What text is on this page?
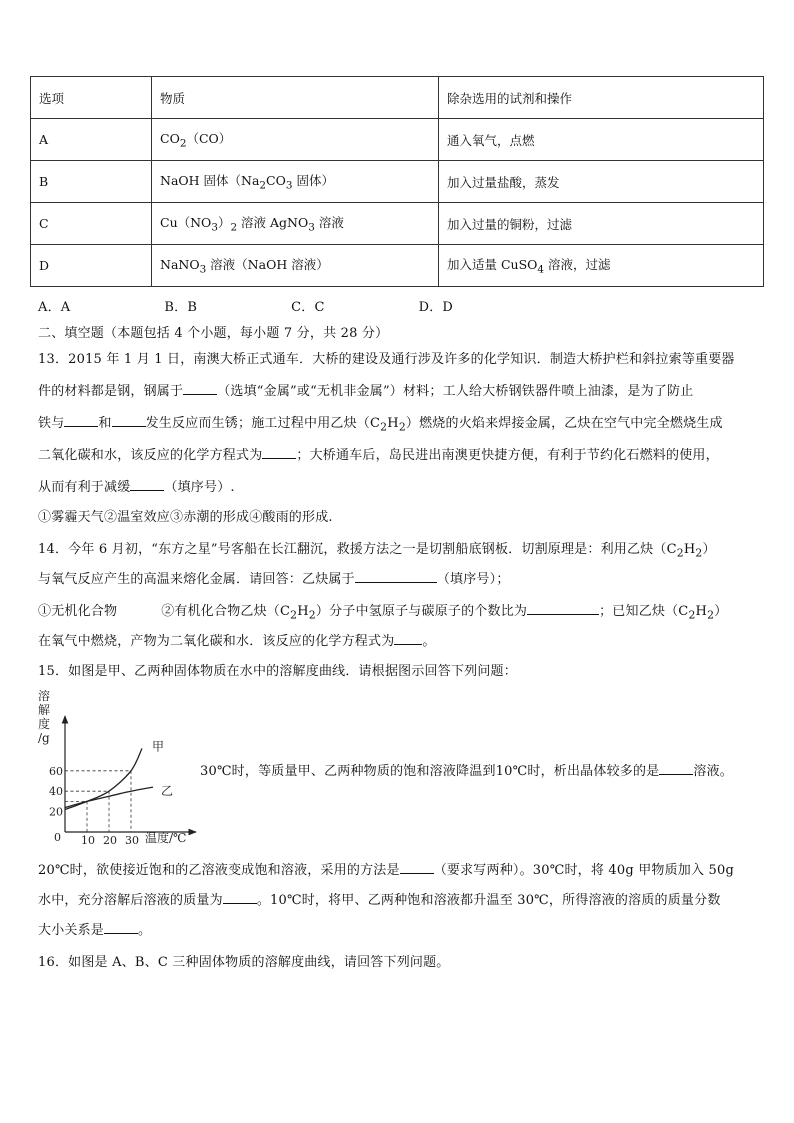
选项	物质	除杂选用的试剂和操作
A	$CO_2(CO)$	通入氧气，点燃
B	NaOH 固体（$Na_2CO_3$ 固体）	加入过量盐酸，蒸发
C	$Cu(NO_3)_2$ 溶液 AgNO$_3$ 溶液	加入过量的铜粉，过滤
D	NaNO$_3$ 溶液（NaOH 溶液）	加入适量 CuSO$_4$ 溶液，过滤
A．A	B．B	C．C	D．D
二、填空题（本题包括 4 个小题，每小题 7 分，共 28 分）
13．2015 年 1 月 1 日，南澳大桥正式通车．大桥的建设及通行涉及许多的化学知识．制造大桥护栏和斜拉索等重要器
件的材料都是钢，钢属于	（选填“金属”或“无机非金属”）材料；工人给大桥钢铁器件喷上油漆，是为了防止
铁与	和	发生反应而生锈；施工过程中用乙炔$(C_2H_2)$燃烧的火焰来焊接金属，乙炔在空气中完全燃烧生成
二氧化碳和水，该反应的化学方程式为	；大桥通车后，岛民进出南澳更快捷方便，有利于节约化石燃料的使用，
从而有利于减缓	（填序号）.
①雾霾天气②温室效应③赤潮的形成④酸雨的形成.
14．今年 6 月初，“东方之星”号客船在长江翻沉，救援方法之一是切割船底钢板．切割原理是：利用乙炔$(C_2H_2)$
与氧气反应产生的高温来熔化金属．请回答：乙炔属于	（填序号）；
①无机化合物	②有机化合物乙炔$(C_2H_2)$分子中氢原子与碳原子的个数比为	；已知乙炔$(C_2H_2)$
在氧气中燃烧，产物为二氧化碳和水．该反应的化学方程式为 。
15．如图是甲、乙两种固体物质在水中的溶解度曲线．请根据图示回答下列问题：
溶
解
度
/g
10 20 30
20
40
60
甲
乙
0	温度/℃
30℃时，等质量甲、乙两种物质的饱和溶液降温到10℃时，析出晶体较多的是	溶液。
20℃时，欲使接近饱和的乙溶液变成饱和溶液，采用的方法是	（要求写两种）。30℃时，将 40g 甲物质加入 50g
水中，充分溶解后溶液的质量为	。10℃时，将甲、乙两种饱和溶液都升温至 30℃，所得溶液的溶质的质量分数
大小关系是	。
16．如图是 A、B、C 三种固体物质的溶解度曲线，请回答下列问题。
